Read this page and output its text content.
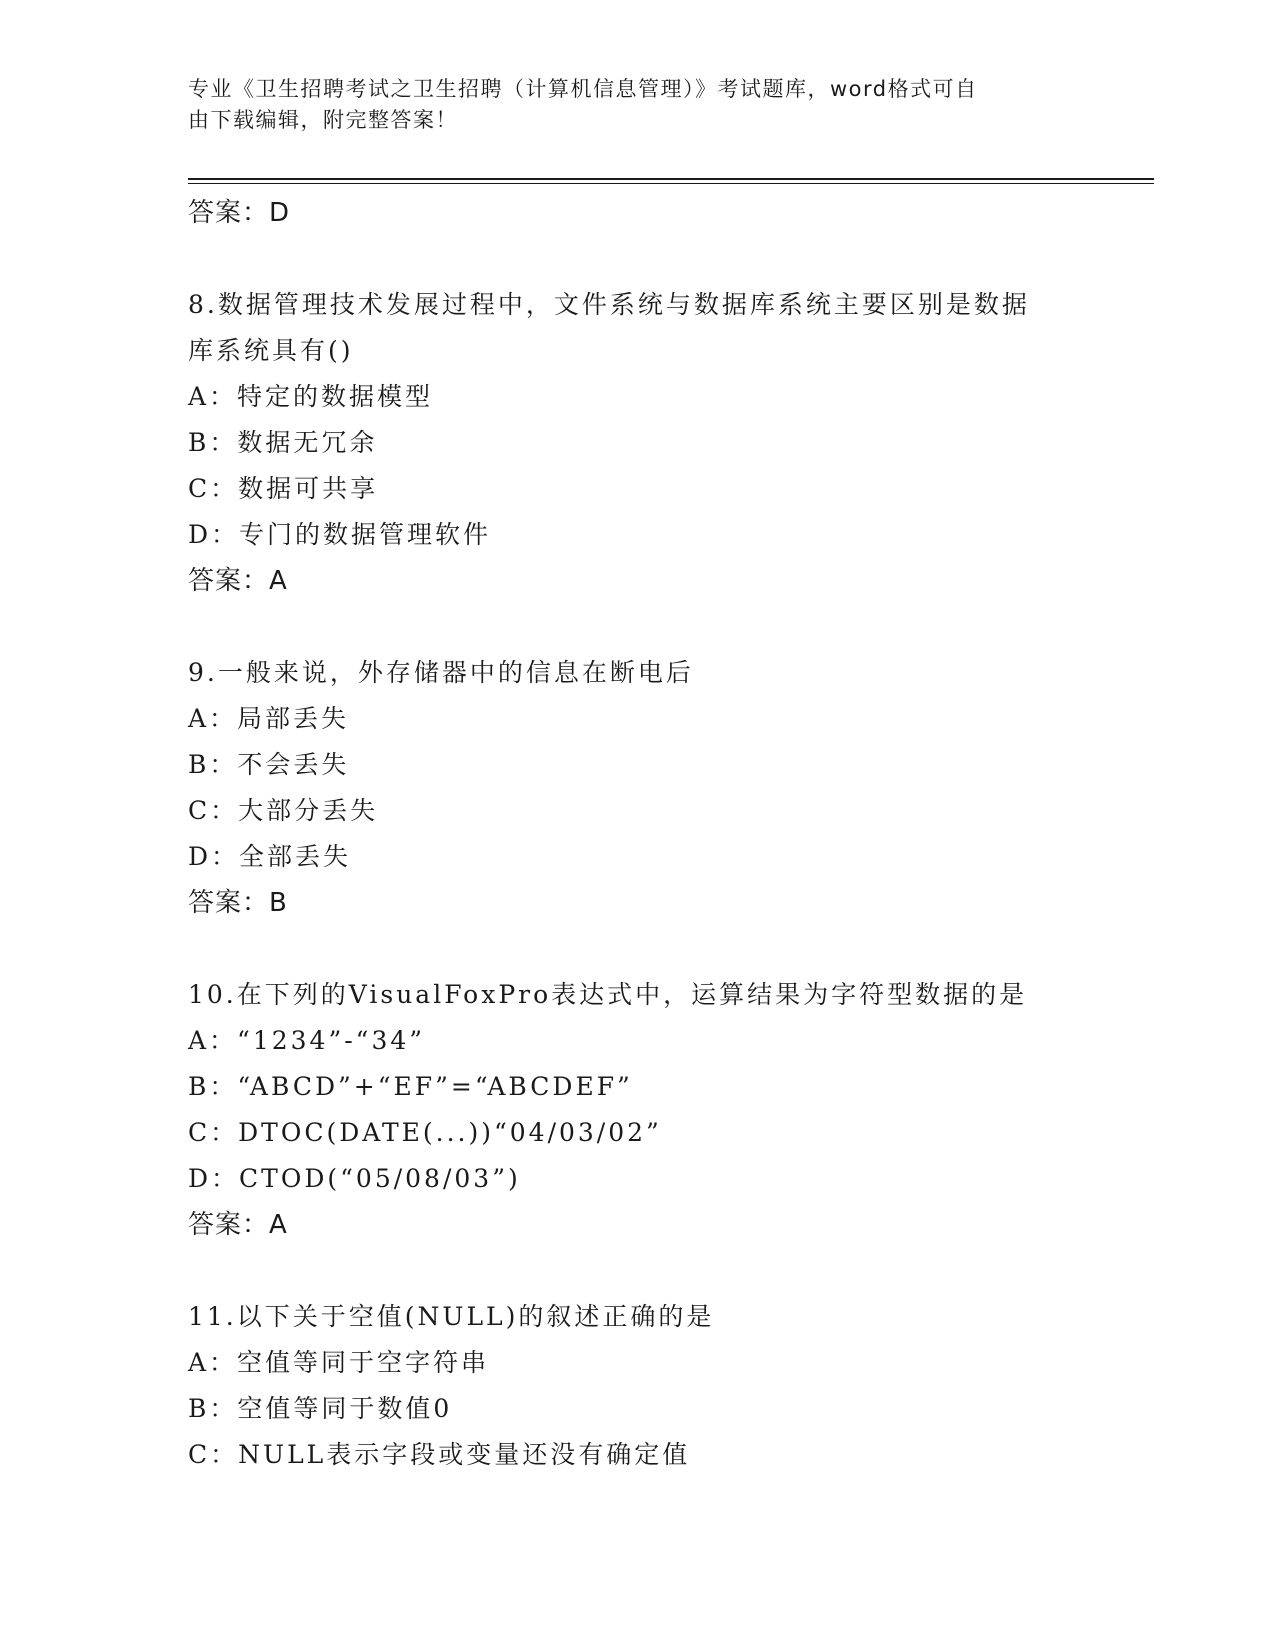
专业《卫生招聘考试之卫生招聘（计算机信息管理）》考试题库，word格式可自
由下载编辑，附完整答案！
答案：D
8.数据管理技术发展过程中，文件系统与数据库系统主要区别是数据
库系统具有()
A：特定的数据模型
B：数据无冗余
C：数据可共享
D：专门的数据管理软件
答案：A
9.一般来说，外存储器中的信息在断电后
A：局部丢失
B：不会丢失
C：大部分丢失
D：全部丢失
答案：B
10.在下列的VisualFoxPro表达式中，运算结果为字符型数据的是
A：“1234”-“34”
B：“ABCD”+“EF”=“ABCDEF”
C：DTOC(DATE(...))“04/03/02”
D：CTOD(“05/08/03”)
答案：A
11.以下关于空值(NULL)的叙述正确的是
A：空值等同于空字符串
B：空值等同于数值0
C：NULL表示字段或变量还没有确定值
